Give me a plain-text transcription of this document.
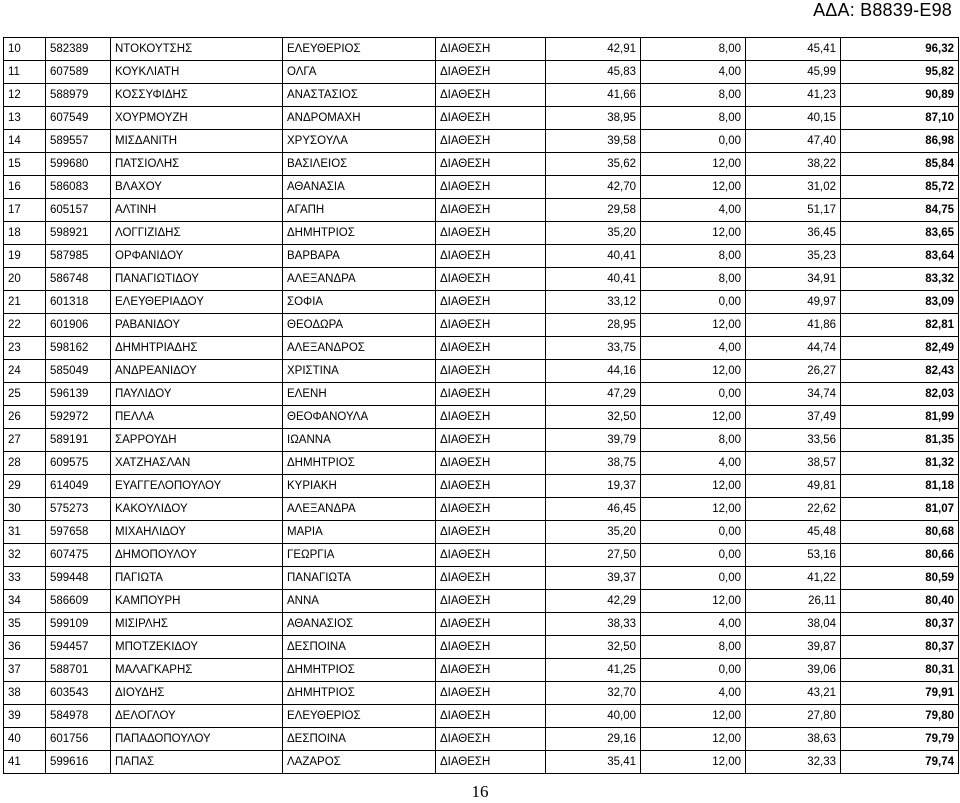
ΑΔΑ: Β8839-Ε98
10	582389	ΝΤΟΚΟΥΤΣΗΣ	ΕΛΕΥΘΕΡΙΟΣ	ΔΙΑΘΕΣΗ	42,91	8,00	45,41	96,32
11	607589	ΚΟΥΚΛΙΑΤΗ	ΟΛΓΑ	ΔΙΑΘΕΣΗ	45,83	4,00	45,99	95,82
12	588979	ΚΟΣΣΥΦΙΔΗΣ	ΑΝΑΣΤΑΣΙΟΣ	ΔΙΑΘΕΣΗ	41,66	8,00	41,23	90,89
13	607549	ΧΟΥΡΜΟΥΖΗ	ΑΝΔΡΟΜΑΧΗ	ΔΙΑΘΕΣΗ	38,95	8,00	40,15	87,10
14	589557	ΜΙΣΔΑΝΙΤΗ	ΧΡΥΣΟΥΛΑ	ΔΙΑΘΕΣΗ	39,58	0,00	47,40	86,98
15	599680	ΠΑΤΣΙΟΛΗΣ	ΒΑΣΙΛΕΙΟΣ	ΔΙΑΘΕΣΗ	35,62	12,00	38,22	85,84
16	586083	ΒΛΑΧΟΥ	ΑΘΑΝΑΣΙΑ	ΔΙΑΘΕΣΗ	42,70	12,00	31,02	85,72
17	605157	ΑΛΤΙΝΗ	ΑΓΑΠΗ	ΔΙΑΘΕΣΗ	29,58	4,00	51,17	84,75
18	598921	ΛΟΓΓΙΖΙΔΗΣ	ΔΗΜΗΤΡΙΟΣ	ΔΙΑΘΕΣΗ	35,20	12,00	36,45	83,65
19	587985	ΟΡΦΑΝΙΔΟΥ	ΒΑΡΒΑΡΑ	ΔΙΑΘΕΣΗ	40,41	8,00	35,23	83,64
20	586748	ΠΑΝΑΓΙΩΤΙΔΟΥ	ΑΛΕΞΑΝΔΡΑ	ΔΙΑΘΕΣΗ	40,41	8,00	34,91	83,32
21	601318	ΕΛΕΥΘΕΡΙΑΔΟΥ	ΣΟΦΙΑ	ΔΙΑΘΕΣΗ	33,12	0,00	49,97	83,09
22	601906	ΡΑΒΑΝΙΔΟΥ	ΘΕΟΔΩΡΑ	ΔΙΑΘΕΣΗ	28,95	12,00	41,86	82,81
23	598162	ΔΗΜΗΤΡΙΑΔΗΣ	ΑΛΕΞΑΝΔΡΟΣ	ΔΙΑΘΕΣΗ	33,75	4,00	44,74	82,49
24	585049	ΑΝΔΡΕΑΝΙΔΟΥ	ΧΡΙΣΤΙΝΑ	ΔΙΑΘΕΣΗ	44,16	12,00	26,27	82,43
25	596139	ΠΑΥΛΙΔΟΥ	ΕΛΕΝΗ	ΔΙΑΘΕΣΗ	47,29	0,00	34,74	82,03
26	592972	ΠΕΛΛΑ	ΘΕΟΦΑΝΟΥΛΑ	ΔΙΑΘΕΣΗ	32,50	12,00	37,49	81,99
27	589191	ΣΑΡΡΟΥΔΗ	ΙΩΑΝΝΑ	ΔΙΑΘΕΣΗ	39,79	8,00	33,56	81,35
28	609575	ΧΑΤΖΗΑΣΛΑΝ	ΔΗΜΗΤΡΙΟΣ	ΔΙΑΘΕΣΗ	38,75	4,00	38,57	81,32
29	614049	ΕΥΑΓΓΕΛΟΠΟΥΛΟΥ	ΚΥΡΙΑΚΗ	ΔΙΑΘΕΣΗ	19,37	12,00	49,81	81,18
30	575273	ΚΑΚΟΥΛΙΔΟΥ	ΑΛΕΞΑΝΔΡΑ	ΔΙΑΘΕΣΗ	46,45	12,00	22,62	81,07
31	597658	ΜΙΧΑΗΛΙΔΟΥ	ΜΑΡΙΑ	ΔΙΑΘΕΣΗ	35,20	0,00	45,48	80,68
32	607475	ΔΗΜΟΠΟΥΛΟΥ	ΓΕΩΡΓΙΑ	ΔΙΑΘΕΣΗ	27,50	0,00	53,16	80,66
33	599448	ΠΑΓΙΩΤΑ	ΠΑΝΑΓΙΩΤΑ	ΔΙΑΘΕΣΗ	39,37	0,00	41,22	80,59
34	586609	ΚΑΜΠΟΥΡΗ	ΑΝΝΑ	ΔΙΑΘΕΣΗ	42,29	12,00	26,11	80,40
35	599109	ΜΙΣΙΡΛΗΣ	ΑΘΑΝΑΣΙΟΣ	ΔΙΑΘΕΣΗ	38,33	4,00	38,04	80,37
36	594457	ΜΠΟΤΖΕΚΙΔΟΥ	ΔΕΣΠΟΙΝΑ	ΔΙΑΘΕΣΗ	32,50	8,00	39,87	80,37
37	588701	ΜΑΛΑΓΚΑΡΗΣ	ΔΗΜΗΤΡΙΟΣ	ΔΙΑΘΕΣΗ	41,25	0,00	39,06	80,31
38	603543	ΔΙΟΥΔΗΣ	ΔΗΜΗΤΡΙΟΣ	ΔΙΑΘΕΣΗ	32,70	4,00	43,21	79,91
39	584978	ΔΕΛΟΓΛΟΥ	ΕΛΕΥΘΕΡΙΟΣ	ΔΙΑΘΕΣΗ	40,00	12,00	27,80	79,80
40	601756	ΠΑΠΑΔΟΠΟΥΛΟΥ	ΔΕΣΠΟΙΝΑ	ΔΙΑΘΕΣΗ	29,16	12,00	38,63	79,79
41	599616	ΠΑΠΑΣ	ΛΑΖΑΡΟΣ	ΔΙΑΘΕΣΗ	35,41	12,00	32,33	79,74
16
